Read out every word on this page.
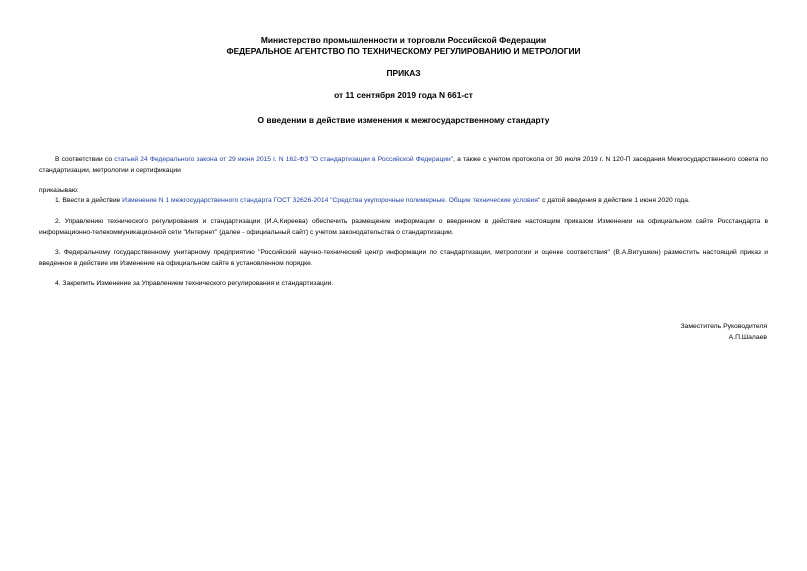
Министерство промышленности и торговли Российской Федерации
ФЕДЕРАЛЬНОЕ АГЕНТСТВО ПО ТЕХНИЧЕСКОМУ РЕГУЛИРОВАНИЮ И МЕТРОЛОГИИ
ПРИКАЗ
от 11 сентября 2019 года N 661-ст
О введении в действие изменения к межгосударственному стандарту
В соответствии со статьей 24 Федерального закона от 29 июня 2015 г. N 162-ФЗ "О стандартизации в Российской Федерации", а также с учетом протокола от 30 июля 2019 г. N 120-П заседания Межгосударственного совета по стандартизации, метрологии и сертификации
приказываю:
1. Ввести в действие Изменение N 1 межгосударственного стандарта ГОСТ 32626-2014 "Средства укупорочные полимерные. Общие технические условия" с датой введения в действие 1 июня 2020 года.
2. Управлению технического регулирования и стандартизации (И.А.Киреева) обеспечить размещение информации о введенном в действие настоящим приказом Изменении на официальном сайте Росстандарта в информационно-телекоммуникационной сети "Интернет" (далее - официальный сайт) с учетом законодательства о стандартизации.
3. Федеральному государственному унитарному предприятию "Российский научно-технический центр информации по стандартизации, метрологии и оценке соответствия" (В.А.Витушкин) разместить настоящий приказ и введенное в действие им Изменение на официальном сайте в установленном порядке.
4. Закрепить Изменение за Управлением технического регулирования и стандартизации.
Заместитель Руководителя
А.П.Шалаев
